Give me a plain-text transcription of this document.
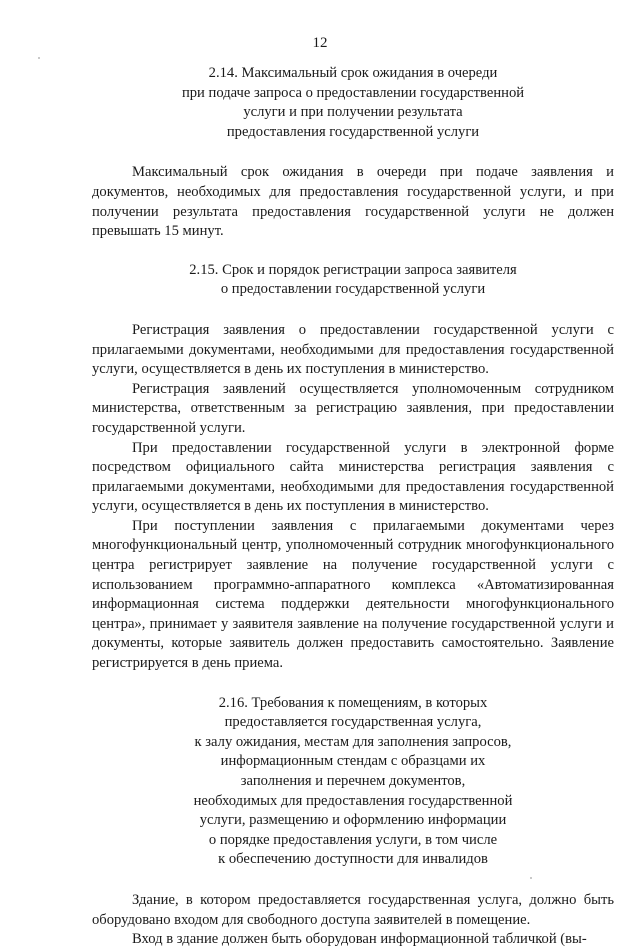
12
2.14. Максимальный срок ожидания в очереди
при подаче запроса о предоставлении государственной
услуги и при получении результата
предоставления государственной услуги

Максимальный срок ожидания в очереди при подаче заявления и документов, необходимых для предоставления государственной услуги, и при получении результата предоставления государственной услуги не должен превышать 15 минут.

2.15. Срок и порядок регистрации запроса заявителя
о предоставлении государственной услуги

Регистрация заявления о предоставлении государственной услуги с прилагаемыми документами, необходимыми для предоставления государственной услуги, осуществляется в день их поступления в министерство.

Регистрация заявлений осуществляется уполномоченным сотрудником министерства, ответственным за регистрацию заявления, при предоставлении государственной услуги.

При предоставлении государственной услуги в электронной форме посредством официального сайта министерства регистрация заявления с прилагаемыми документами, необходимыми для предоставления государственной услуги, осуществляется в день их поступления в министерство.

При поступлении заявления с прилагаемыми документами через многофункциональный центр, уполномоченный сотрудник многофункционального центра регистрирует заявление на получение государственной услуги с использованием программно-аппаратного комплекса «Автоматизированная информационная система поддержки деятельности многофункционального центра», принимает у заявителя заявление на получение государственной услуги и документы, которые заявитель должен предоставить самостоятельно. Заявление регистрируется в день приема.

2.16. Требования к помещениям, в которых
предоставляется государственная услуга,
к залу ожидания, местам для заполнения запросов,
информационным стендам с образцами их
заполнения и перечнем документов,
необходимых для предоставления государственной
услуги, размещению и оформлению информации
о порядке предоставления услуги, в том числе
к обеспечению доступности для инвалидов

Здание, в котором предоставляется государственная услуга, должно быть оборудовано входом для свободного доступа заявителей в помещение.

Вход в здание должен быть оборудован информационной табличкой (вы-
